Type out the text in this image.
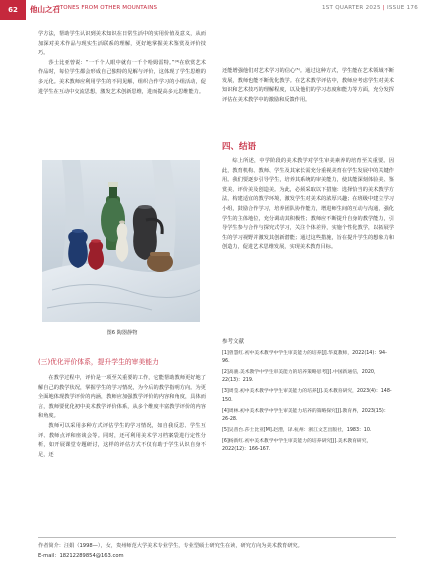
62	他山之石
STONES FROM OTHER MOUNTAINS	1ST QUARTER 2025 | ISSUE 176

学方法，帮助学生认识到美术知识在日常生活中的实用价值及意义，从而加深对美术作品与现实生活联系的理解，更好地掌握美术鉴赏及评价技巧。

莎士比亚曾说：“一千个人眼中就有一千个哈姆雷特。”⁽⁴⁾在欣赏艺术作品时，每位学生都会形成自己独特的见解与评价，这体现了学生思维的多元化。美术教师应利用学生的不同见解，组织合作学习的小组活动，促进学生在互动中交流思想，激发艺术创新思维，进而提高多元思维能力。

图6 陶器静物
(三)优化评价体系，提升学生的审美能力

在教学过程中，评价是一项至关重要的工作，它能帮助教师更好地了解自己的教学状况，掌握学生的学习情况，为今后的教学指明方向。为更全面地体现教学评价的内涵，教师应加强教学评价的内容和角度，具体而言，教师要优化初中美术教学评价体系，从多个维度丰富教学评价的内容和角度。

教师可以采用多种方式评估学生的学习情况，如自我反思、学生互评、教师点评和座谈会等。同时，还可利用美术学习档案袋进行定性分析，如开展课堂专题研讨，这样的评估方式不仅有助于学生认识自身不足，还

还能增强他们对艺术学习的信心⁽⁵⁾。通过这种方式，学生能在艺术领域不断发展，教师也能不断优化教学。在艺术教学评估中，教师应考虑学生对美术知识和艺术技巧的理解程度，以及他们的学习态度和能力等方面，充分发挥评估在美术教学中的激励和反馈作用。

四、结语

综上所述，中学阶段的美术教学对学生审美素养的培育至关重要。因此，教育机构、教师、学生及其家长需充分重视美育在学生发展中的关键作用。我们要逐步引导学生，培养其系统的审美能力，使其能深刻体验美、鉴赏美、评价美及创造美。为此，必须采取以下措施：选择恰当的美术教学方法，构建适宜的教学环境，激发学生对美术的浓厚兴趣；在班级中建立学习小组，鼓励合作学习，培养团队协作能力，增进师生间的互动与沟通，强化学生的主体地位，充分调动其积极性；教师应不断提升自身的教学能力，引导学生参与合作与探究式学习，关注个体差异，实施个性化教学，以拓展学生的学习视野并激发其创新潜能；通过这些措施，旨在提升学生的想象力和创造力，促进艺术思维发展，实现美术教育目标。

参考文献
[1]曾慧红.初中美术教学中学生审美能力的培养[J].华夏教师，2022(14)：94-96.
[2]高骏.美术教学中学生审美能力的培养策略思考[J].中国新通信，2020，22(13)：219.
[3]周莹.初中美术教学中学生审美能力的培养[J].美术教育研究，2023(4)：148-150.
[4]周林.初中美术教学中学生审美能力培养的策略探究[J].教育界，2023(15)：26-28.
[5]吴普台.莎士比亚[M].赵澧，译.杭州：浙江文艺出版社，1983：10.
[6]杨新红.初中美术教学中学生审美能力的培养研究[J].美术教育研究，2022(12)：166-167.
作者简介：汪娟（1998—），女，贵州师范大学美术专业学生，专业型硕士研究生在读，研究方向为美术教育研究。
E-mail：18212289854@163.com
